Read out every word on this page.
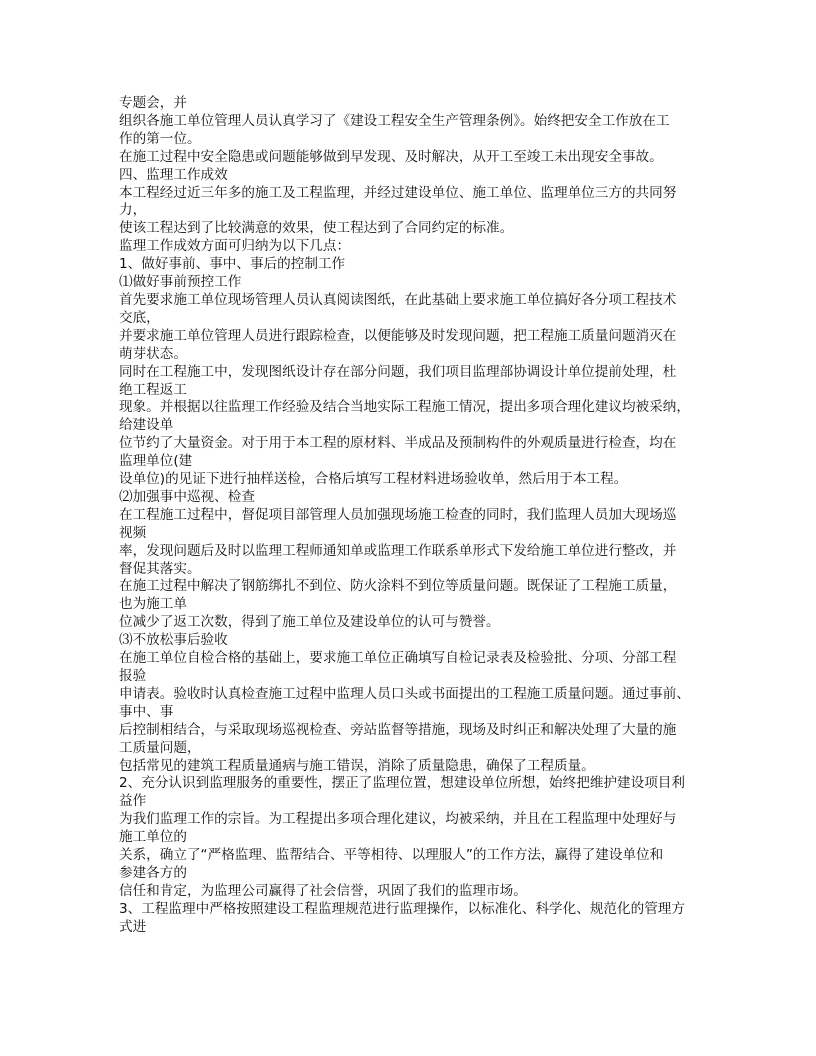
专题会，并
组织各施工单位管理人员认真学习了《建设工程安全生产管理条例》。始终把安全工作放在工
作的第一位。
在施工过程中安全隐患或问题能够做到早发现、及时解决，从开工至竣工未出现安全事故。
四、监理工作成效
本工程经过近三年多的施工及工程监理，并经过建设单位、施工单位、监理单位三方的共同努
力，
使该工程达到了比较满意的效果，使工程达到了合同约定的标准。
监理工作成效方面可归纳为以下几点：
1、做好事前、事中、事后的控制工作
⑴做好事前预控工作
首先要求施工单位现场管理人员认真阅读图纸，在此基础上要求施工单位搞好各分项工程技术
交底，
并要求施工单位管理人员进行跟踪检查，以便能够及时发现问题，把工程施工质量问题消灭在
萌芽状态。
同时在工程施工中，发现图纸设计存在部分问题，我们项目监理部协调设计单位提前处理，杜
绝工程返工
现象。并根据以往监理工作经验及结合当地实际工程施工情况，提出多项合理化建议均被采纳，
给建设单
位节约了大量资金。对于用于本工程的原材料、半成品及预制构件的外观质量进行检查，均在
监理单位(建
设单位)的见证下进行抽样送检，合格后填写工程材料进场验收单，然后用于本工程。
⑵加强事中巡视、检查
在工程施工过程中，督促项目部管理人员加强现场施工检查的同时，我们监理人员加大现场巡
视频
率，发现问题后及时以监理工程师通知单或监理工作联系单形式下发给施工单位进行整改，并
督促其落实。
在施工过程中解决了钢筋绑扎不到位、防火涂料不到位等质量问题。既保证了工程施工质量，
也为施工单
位减少了返工次数，得到了施工单位及建设单位的认可与赞誉。
⑶不放松事后验收
在施工单位自检合格的基础上，要求施工单位正确填写自检记录表及检验批、分项、分部工程
报验
申请表。验收时认真检查施工过程中监理人员口头或书面提出的工程施工质量问题。通过事前、
事中、事
后控制相结合，与采取现场巡视检查、旁站监督等措施，现场及时纠正和解决处理了大量的施
工质量问题，
包括常见的建筑工程质量通病与施工错误，消除了质量隐患，确保了工程质量。
2、充分认识到监理服务的重要性，摆正了监理位置，想建设单位所想，始终把维护建设项目利
益作
为我们监理工作的宗旨。为工程提出多项合理化建议，均被采纳，并且在工程监理中处理好与
施工单位的
关系，确立了“严格监理、监帮结合、平等相待、以理服人”的工作方法，赢得了建设单位和
参建各方的
信任和肯定，为监理公司赢得了社会信誉，巩固了我们的监理市场。
3、工程监理中严格按照建设工程监理规范进行监理操作，以标准化、科学化、规范化的管理方
式进
